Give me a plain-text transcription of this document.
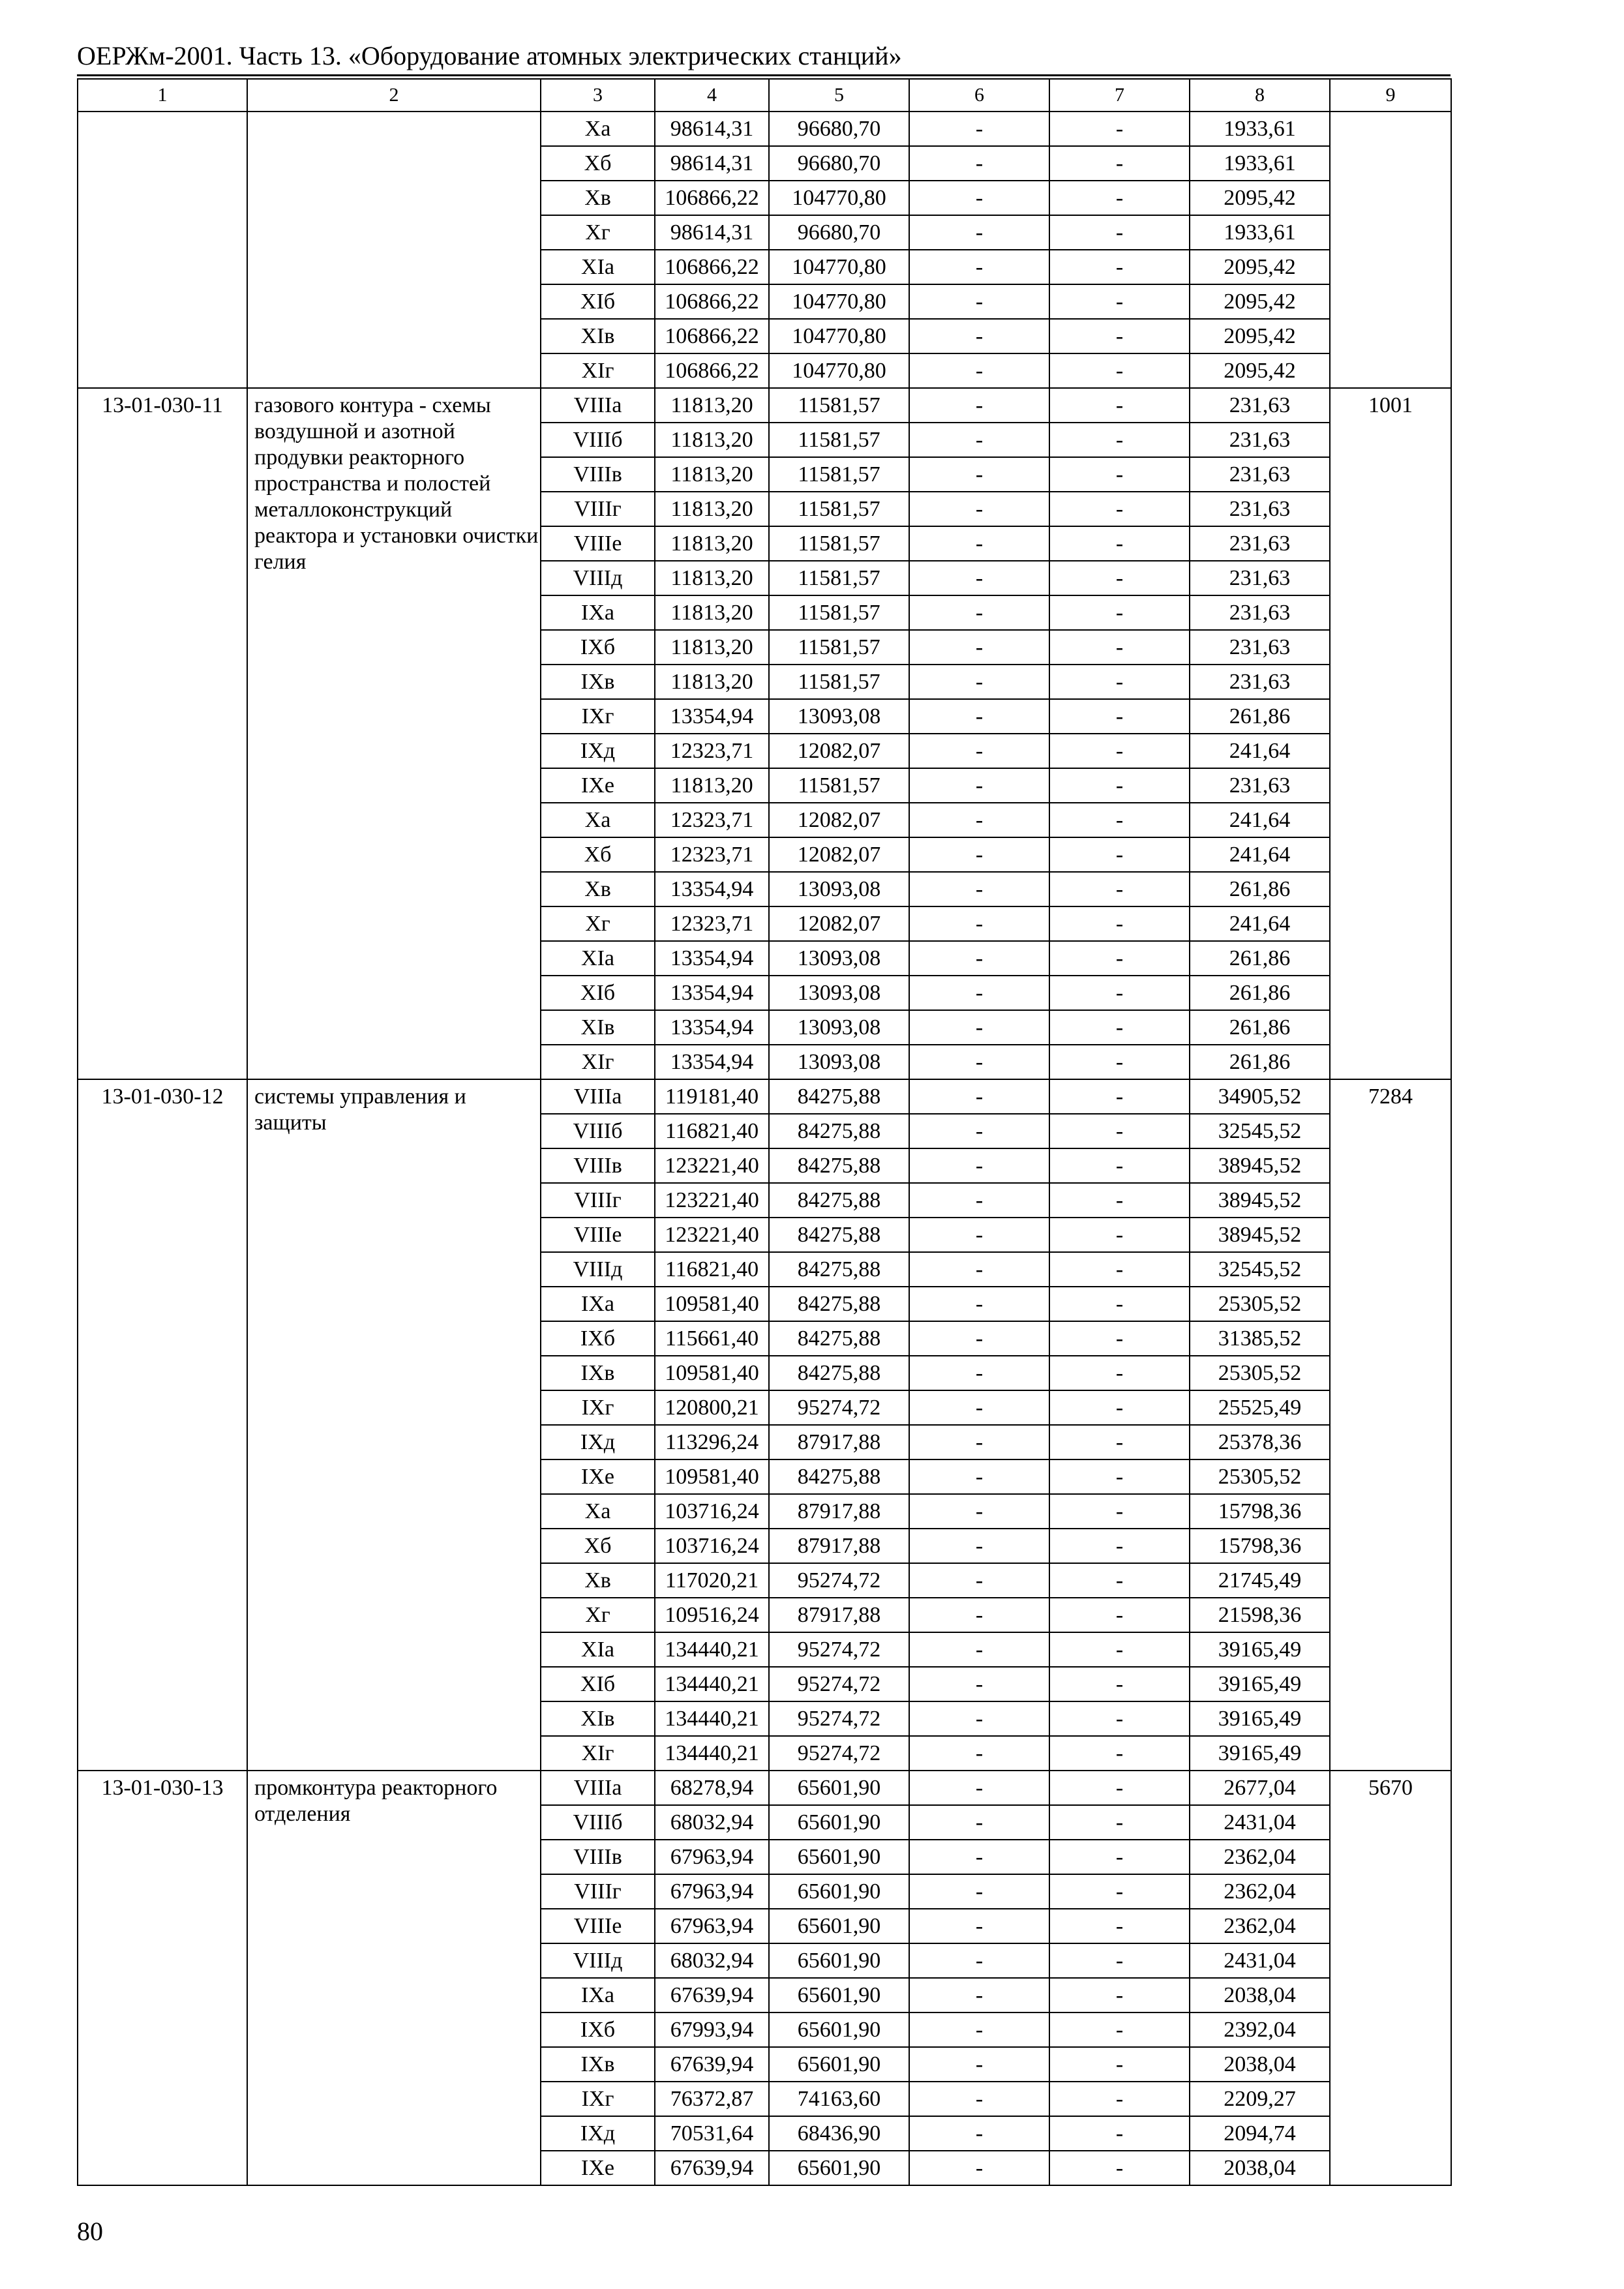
ОЕРЖм-2001. Часть 13. «Оборудование атомных электрических станций»
1	2	3	4	5	6	7	8	9
		Xa	98614,31	96680,70	-	-	1933,61	
		Xб	98614,31	96680,70	-	-	1933,61	
		Xв	106866,22	104770,80	-	-	2095,42	
		Xг	98614,31	96680,70	-	-	1933,61	
		XIa	106866,22	104770,80	-	-	2095,42	
		XIб	106866,22	104770,80	-	-	2095,42	
		XIв	106866,22	104770,80	-	-	2095,42	
		XIг	106866,22	104770,80	-	-	2095,42	
13-01-030-11	газового контура - схемы воздушной и азотной продувки реакторного пространства и полостей металлоконструкций реактора и установки очистки гелия	VIIIa	11813,20	11581,57	-	-	231,63	1001
		VIIIб	11813,20	11581,57	-	-	231,63	
		VIIIв	11813,20	11581,57	-	-	231,63	
		VIIIг	11813,20	11581,57	-	-	231,63	
		VIIIe	11813,20	11581,57	-	-	231,63	
		VIIIд	11813,20	11581,57	-	-	231,63	
		IXa	11813,20	11581,57	-	-	231,63	
		IXб	11813,20	11581,57	-	-	231,63	
		IXв	11813,20	11581,57	-	-	231,63	
		IXг	13354,94	13093,08	-	-	261,86	
		IXд	12323,71	12082,07	-	-	241,64	
		IXe	11813,20	11581,57	-	-	231,63	
		Xa	12323,71	12082,07	-	-	241,64	
		Xб	12323,71	12082,07	-	-	241,64	
		Xв	13354,94	13093,08	-	-	261,86	
		Xг	12323,71	12082,07	-	-	241,64	
		XIa	13354,94	13093,08	-	-	261,86	
		XIб	13354,94	13093,08	-	-	261,86	
		XIв	13354,94	13093,08	-	-	261,86	
		XIг	13354,94	13093,08	-	-	261,86	
13-01-030-12	системы управления и защиты	VIIIa	119181,40	84275,88	-	-	34905,52	7284
		VIIIб	116821,40	84275,88	-	-	32545,52	
		VIIIв	123221,40	84275,88	-	-	38945,52	
		VIIIг	123221,40	84275,88	-	-	38945,52	
		VIIIe	123221,40	84275,88	-	-	38945,52	
		VIIIд	116821,40	84275,88	-	-	32545,52	
		IXa	109581,40	84275,88	-	-	25305,52	
		IXб	115661,40	84275,88	-	-	31385,52	
		IXв	109581,40	84275,88	-	-	25305,52	
		IXг	120800,21	95274,72	-	-	25525,49	
		IXд	113296,24	87917,88	-	-	25378,36	
		IXe	109581,40	84275,88	-	-	25305,52	
		Xa	103716,24	87917,88	-	-	15798,36	
		Xб	103716,24	87917,88	-	-	15798,36	
		Xв	117020,21	95274,72	-	-	21745,49	
		Xг	109516,24	87917,88	-	-	21598,36	
		XIa	134440,21	95274,72	-	-	39165,49	
		XIб	134440,21	95274,72	-	-	39165,49	
		XIв	134440,21	95274,72	-	-	39165,49	
		XIг	134440,21	95274,72	-	-	39165,49	
13-01-030-13	промконтура реакторного отделения	VIIIa	68278,94	65601,90	-	-	2677,04	5670
		VIIIб	68032,94	65601,90	-	-	2431,04	
		VIIIв	67963,94	65601,90	-	-	2362,04	
		VIIIг	67963,94	65601,90	-	-	2362,04	
		VIIIe	67963,94	65601,90	-	-	2362,04	
		VIIIд	68032,94	65601,90	-	-	2431,04	
		IXa	67639,94	65601,90	-	-	2038,04	
		IXб	67993,94	65601,90	-	-	2392,04	
		IXв	67639,94	65601,90	-	-	2038,04	
		IXг	76372,87	74163,60	-	-	2209,27	
		IXд	70531,64	68436,90	-	-	2094,74	
		IXe	67639,94	65601,90	-	-	2038,04	
80
